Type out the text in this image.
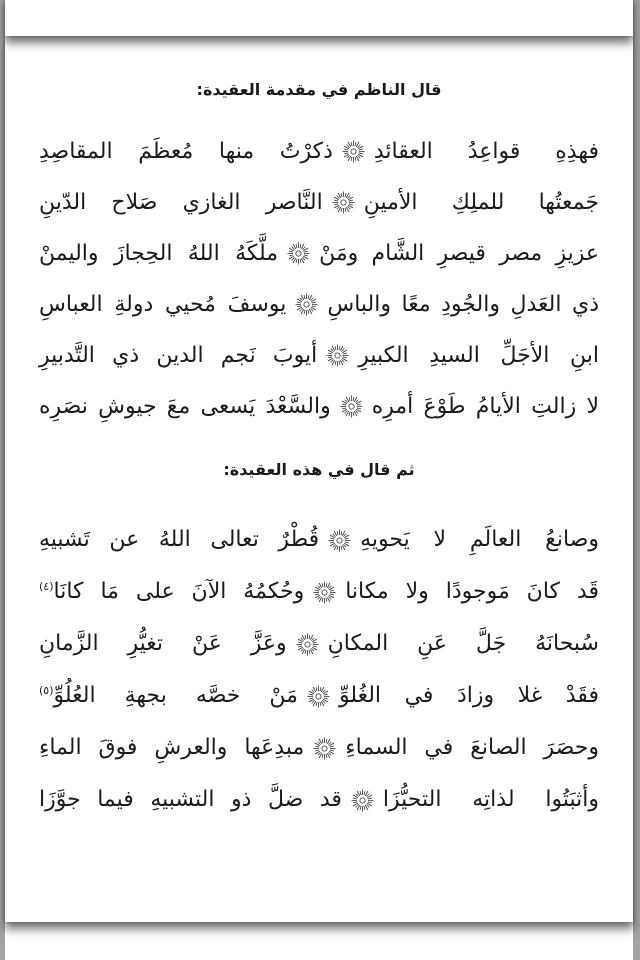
قال الناظم في مقدمة العقيدة:
فهذِهِ قواعِدُ العقائدِ
ذكرْتُ منها مُعظَمَ المقاصِدِ
جَمعتُها للملِكِ الأمينِ
النَّاصر الغازي صَلاح الدّينِ
عزيزِ مصر قيصرِ الشَّام ومَنْ
ملَّكَهُ اللهُ الحِجازَ واليمنْ
ذي العَدلِ والجُودِ معًا والباسِ
يوسفَ مُحيي دولةِ العباسِ
ابنِ الأجَلِّ السيدِ الكبيرِ
أيوبَ نَجم الدين ذي التَّدبيرِ
لا زالتِ الأيامُ طَوْعَ أمرِه
والسَّعْدَ يَسعى معَ جيوشِ نصَرِه
ثم قال في هذه العقيدة:
وصانعُ العالَمِ لا يَحويهِ
قُطْرٌ تعالى اللهُ عن تَشبيهِ
قَد كانَ مَوجودًا ولا مكانا
وحُكمُهُ الآنَ على مَا كانَا$^{(٤)}$
سُبحانَهُ جَلَّ عَنِ المكانِ
وعَزَّ عَنْ تغيُّرِ الزَّمانِ
فقَدْ غلا وزادَ في الغُلوِّ
مَنْ خصَّه بجهةِ العُلُوِّ$^{(٥)}$
وحصَرَ الصانعَ في السماءِ
مبدِعَها والعرشِ فوقَ الماءِ
وأثبَتُوا لذاتِه التحيُّزَا
قد ضلَّ ذو التشبيهِ فيما جوَّزَا
